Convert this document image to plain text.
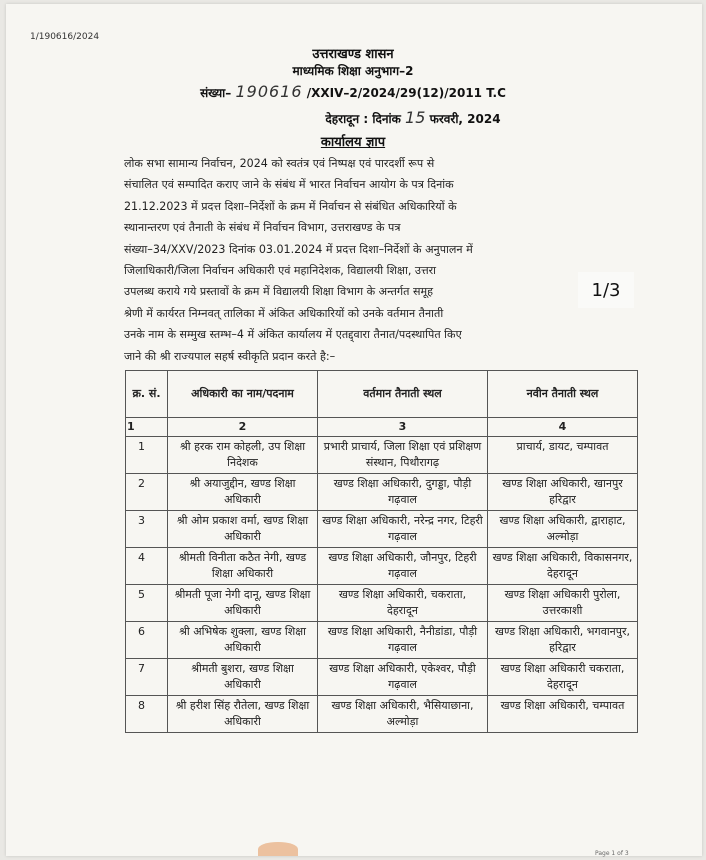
1/190616/2024
उत्तराखण्ड शासन
माध्यमिक शिक्षा अनुभाग–2
संख्या– 190616 /XXIV–2/2024/29(12)/2011 T.C
देहरादून : दिनांक 15 फरवरी, 2024
कार्यालय ज्ञाप
लोक सभा सामान्य निर्वाचन, 2024 को स्वतंत्र एवं निष्पक्ष एवं पारदर्शी रूप से
संचालित एवं सम्पादित कराए जाने के संबंध में भारत निर्वाचन आयोग के पत्र दिनांक
21.12.2023 में प्रदत्त दिशा–निर्देशों के क्रम में निर्वाचन से संबंधित अधिकारियों के
स्थानान्तरण एवं तैनाती के संबंध में निर्वाचन विभाग, उत्तराखण्ड के पत्र
संख्या–34/XXV/2023 दिनांक 03.01.2024 में प्रदत्त दिशा–निर्देशों के अनुपालन में
जिलाधिकारी/जिला निर्वाचन अधिकारी एवं महानिदेशक, विद्यालयी शिक्षा, उत्तरा
उपलब्ध कराये गये प्रस्तावों के क्रम में विद्यालयी शिक्षा विभाग के अन्तर्गत समूह
श्रेणी में कार्यरत निम्नवत् तालिका में अंकित अधिकारियों को उनके वर्तमान तैनाती
उनके नाम के सम्मुख स्तम्भ–4 में अंकित कार्यालय में एतद्द्वारा तैनात/पदस्थापित किए
जाने की श्री राज्यपाल सहर्ष स्वीकृति प्रदान करते है:–
1/3
क्र. सं.	अधिकारी का नाम/पदनाम	वर्तमान तैनाती स्थल	नवीन तैनाती स्थल
1	2	3	4
1	श्री हरक राम कोहली, उप शिक्षा निदेशक	प्रभारी प्राचार्य, जिला शिक्षा एवं प्रशिक्षण संस्थान, पिथौरागढ़	प्राचार्य, डायट, चम्पावत
2	श्री अयाजुद्दीन, खण्ड शिक्षा अधिकारी	खण्ड शिक्षा अधिकारी, दुगड्डा, पौड़ी गढ़वाल	खण्ड शिक्षा अधिकारी, खानपुर हरिद्वार
3	श्री ओम प्रकाश वर्मा, खण्ड शिक्षा अधिकारी	खण्ड शिक्षा अधिकारी, नरेन्द्र नगर, टिहरी गढ़वाल	खण्ड शिक्षा अधिकारी, द्वाराहाट, अल्मोड़ा
4	श्रीमती विनीता कठैत नेगी, खण्ड शिक्षा अधिकारी	खण्ड शिक्षा अधिकारी, जौनपुर, टिहरी गढ़वाल	खण्ड शिक्षा अधिकारी, विकासनगर, देहरादून
5	श्रीमती पूजा नेगी दानू, खण्ड शिक्षा अधिकारी	खण्ड शिक्षा अधिकारी, चकराता, देहरादून	खण्ड शिक्षा अधिकारी पुरोला, उत्तरकाशी
6	श्री अभिषेक शुक्ला, खण्ड शिक्षा अधिकारी	खण्ड शिक्षा अधिकारी, नैनीडांडा, पौड़ी गढ़वाल	खण्ड शिक्षा अधिकारी, भगवानपुर, हरिद्वार
7	श्रीमती बुशरा, खण्ड शिक्षा अधिकारी	खण्ड शिक्षा अधिकारी, एकेश्वर, पौड़ी गढ़वाल	खण्ड शिक्षा अधिकारी चकराता, देहरादून
8	श्री हरीश सिंह रौतेला, खण्ड शिक्षा अधिकारी	खण्ड शिक्षा अधिकारी, भैसियाछाना, अल्मोड़ा	खण्ड शिक्षा अधिकारी, चम्पावत
Page 1 of 3
